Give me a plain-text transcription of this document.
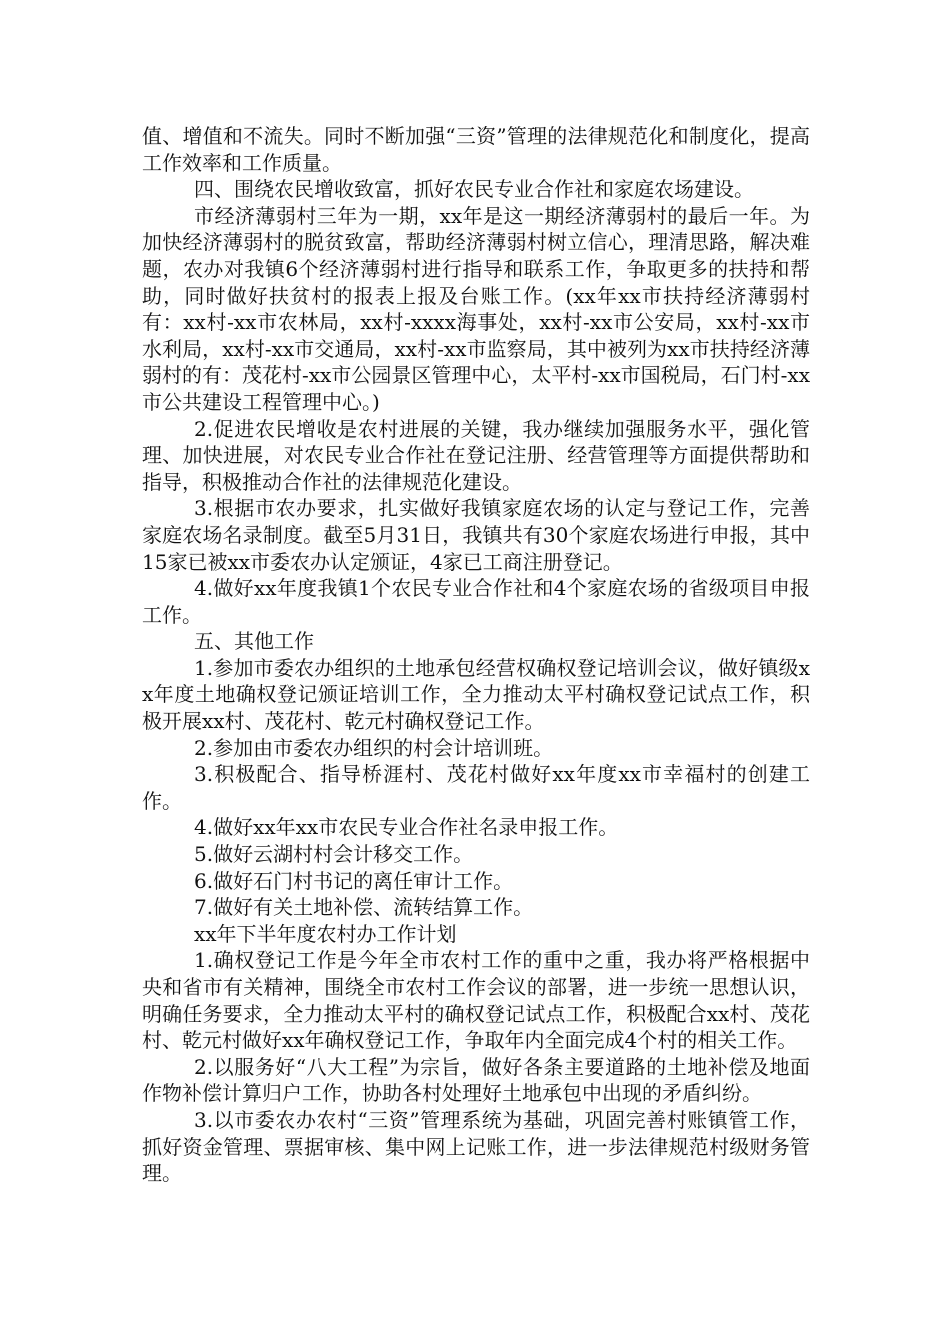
值、增值和不流失。同时不断加强“三资”管理的法律规范化和制度化，提高工作效率和工作质量。

四、围绕农民增收致富，抓好农民专业合作社和家庭农场建设。

市经济薄弱村三年为一期，xx年是这一期经济薄弱村的最后一年。为加快经济薄弱村的脱贫致富，帮助经济薄弱村树立信心，理清思路，解决难题，农办对我镇6个经济薄弱村进行指导和联系工作，争取更多的扶持和帮助，同时做好扶贫村的报表上报及台账工作。(xx年xx市扶持经济薄弱村有：xx村-xx市农林局，xx村-xxxx海事处，xx村-xx市公安局，xx村-xx市水利局，xx村-xx市交通局，xx村-xx市监察局，其中被列为xx市扶持经济薄弱村的有：茂花村-xx市公园景区管理中心，太平村-xx市国税局，石门村-xx市公共建设工程管理中心。)

2.促进农民增收是农村进展的关键，我办继续加强服务水平，强化管理、加快进展，对农民专业合作社在登记注册、经营管理等方面提供帮助和指导，积极推动合作社的法律规范化建设。

3.根据市农办要求，扎实做好我镇家庭农场的认定与登记工作，完善家庭农场名录制度。截至5月31日，我镇共有30个家庭农场进行申报，其中15家已被xx市委农办认定颁证，4家已工商注册登记。

4.做好xx年度我镇1个农民专业合作社和4个家庭农场的省级项目申报工作。

五、其他工作

1.参加市委农办组织的土地承包经营权确权登记培训会议，做好镇级xx年度土地确权登记颁证培训工作，全力推动太平村确权登记试点工作，积极开展xx村、茂花村、乾元村确权登记工作。

2.参加由市委农办组织的村会计培训班。

3.积极配合、指导桥涯村、茂花村做好xx年度xx市幸福村的创建工作。

4.做好xx年xx市农民专业合作社名录申报工作。

5.做好云湖村村会计移交工作。

6.做好石门村书记的离任审计工作。

7.做好有关土地补偿、流转结算工作。

xx年下半年度农村办工作计划

1.确权登记工作是今年全市农村工作的重中之重，我办将严格根据中央和省市有关精神，围绕全市农村工作会议的部署，进一步统一思想认识，明确任务要求，全力推动太平村的确权登记试点工作，积极配合xx村、茂花村、乾元村做好xx年确权登记工作，争取年内全面完成4个村的相关工作。

2.以服务好“八大工程”为宗旨，做好各条主要道路的土地补偿及地面作物补偿计算归户工作，协助各村处理好土地承包中出现的矛盾纠纷。

3.以市委农办农村“三资”管理系统为基础，巩固完善村账镇管工作，抓好资金管理、票据审核、集中网上记账工作，进一步法律规范村级财务管理。
